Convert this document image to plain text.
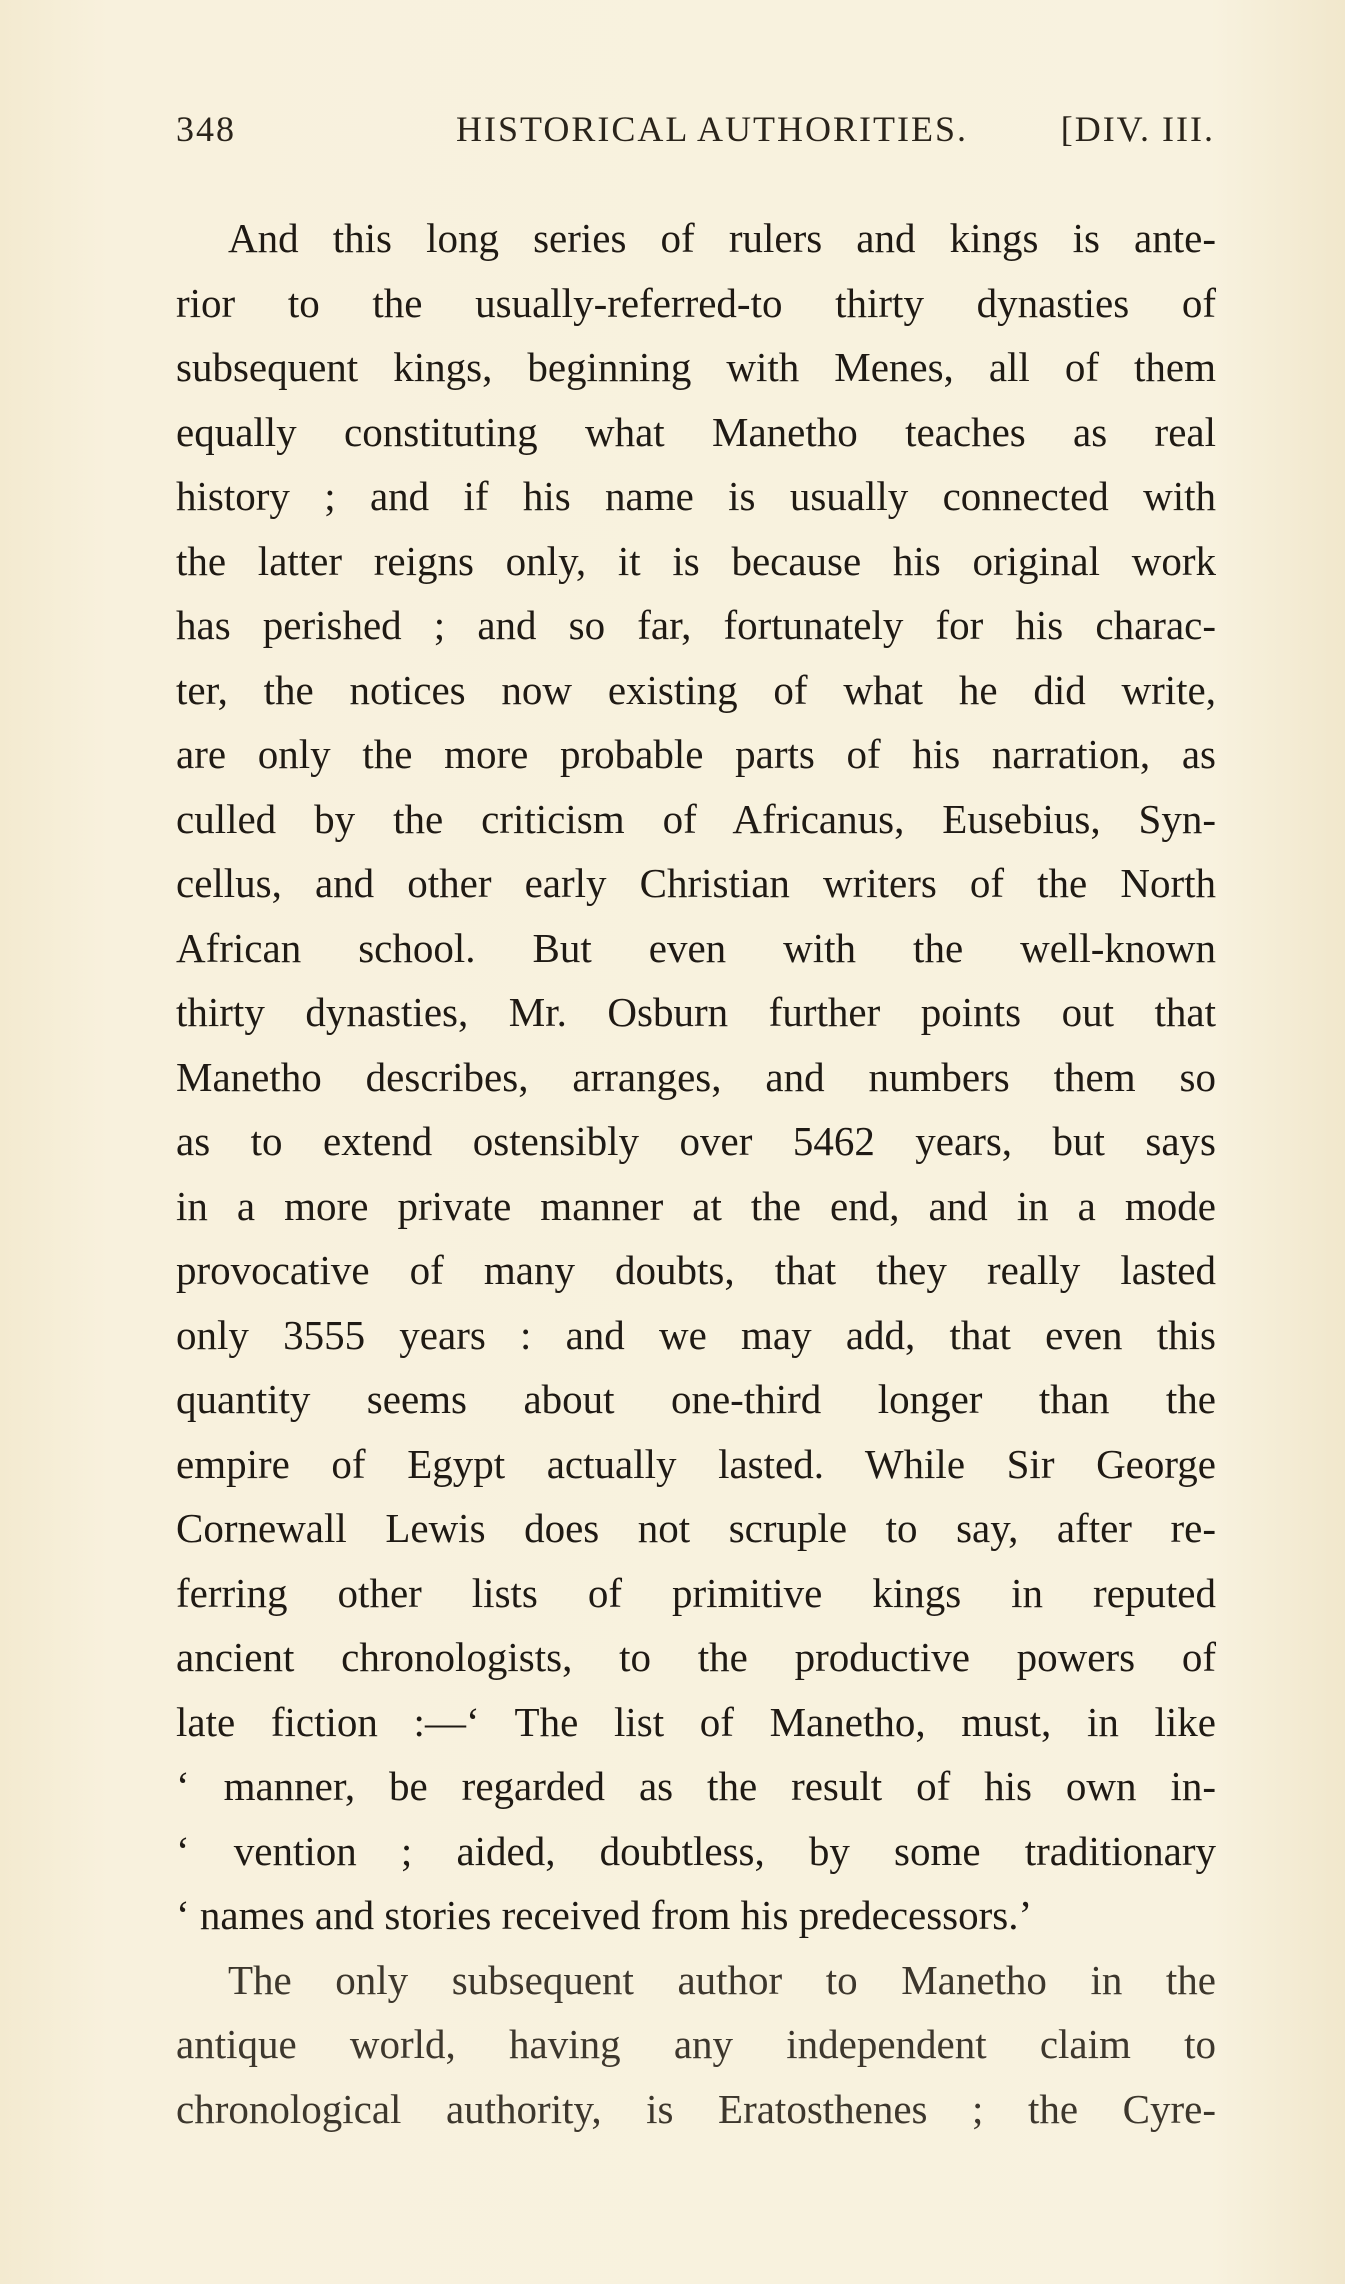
348	HISTORICAL AUTHORITIES.	[DIV. III.
And this long series of rulers and kings is ante-
rior to the usually-referred-to thirty dynasties of
subsequent kings, beginning with Menes, all of them
equally constituting what Manetho teaches as real
history ; and if his name is usually connected with
the latter reigns only, it is because his original work
has perished ; and so far, fortunately for his charac-
ter, the notices now existing of what he did write,
are only the more probable parts of his narration, as
culled by the criticism of Africanus, Eusebius, Syn-
cellus, and other early Christian writers of the North
African school. But even with the well-known
thirty dynasties, Mr. Osburn further points out that
Manetho describes, arranges, and numbers them so
as to extend ostensibly over 5462 years, but says
in a more private manner at the end, and in a mode
provocative of many doubts, that they really lasted
only 3555 years : and we may add, that even this
quantity seems about one-third longer than the
empire of Egypt actually lasted. While Sir George
Cornewall Lewis does not scruple to say, after re-
ferring other lists of primitive kings in reputed
ancient chronologists, to the productive powers of
late fiction :—‘ The list of Manetho, must, in like
‘ manner, be regarded as the result of his own in-
‘ vention ; aided, doubtless, by some traditionary
‘ names and stories received from his predecessors.’
The only subsequent author to Manetho in the
antique world, having any independent claim to
chronological authority, is Eratosthenes ; the Cyre-
